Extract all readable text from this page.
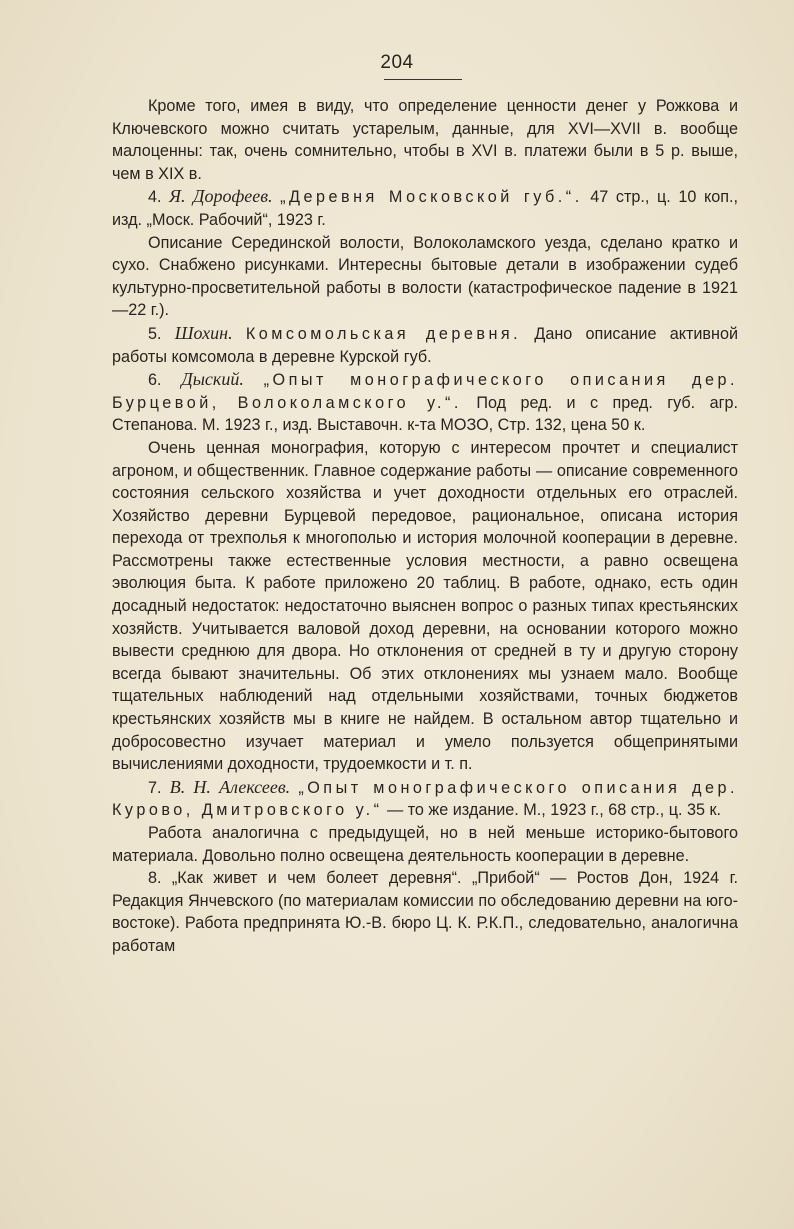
204

Кроме того, имея в виду, что определение ценности денег у Рожкова и Ключевского можно считать устарелым, данные, для XVI—XVII в. вообще малоценны: так, очень сомнительно, чтобы в XVI в. платежи были в 5 р. выше, чем в XIX в.

4. Я. Дорофеев. „Деревня Московской губ.“. 47 стр., ц. 10 коп., изд. „Моск. Рабочий“, 1923 г.

Описание Серединской волости, Волоколамского уезда, сделано кратко и сухо. Снабжено рисунками. Интересны бытовые детали в изображении судеб культурно-просветительной работы в волости (катастрофическое падение в 1921—22 г.).

5. Шохин. Комсомольская деревня. Дано описание активной работы комсомола в деревне Курской губ.

6. Дыский. „Опыт монографического описания дер. Бурцевой, Волоколамского у.“. Под ред. и с пред. губ. агр. Степанова. М. 1923 г., изд. Выставочн. к-та МОЗО, Стр. 132, цена 50 к.

Очень ценная монография, которую с интересом прочтет и специалист агроном, и общественник. Главное содержание работы — описание современного состояния сельского хозяйства и учет доходности отдельных его отраслей. Хозяйство деревни Бурцевой передовое, рациональное, описана история перехода от трехполья к многополью и история молочной кооперации в деревне. Рассмотрены также естественные условия местности, а равно освещена эволюция быта. К работе приложено 20 таблиц. В работе, однако, есть один досадный недостаток: недостаточно выяснен вопрос о разных типах крестьянских хозяйств. Учитывается валовой доход деревни, на основании которого можно вывести среднюю для двора. Но отклонения от средней в ту и другую сторону всегда бывают значительны. Об этих отклонениях мы узнаем мало. Вообще тщательных наблюдений над отдельными хозяйствами, точных бюджетов крестьянских хозяйств мы в книге не найдем. В остальном автор тщательно и добросовестно изучает материал и умело пользуется общепринятыми вычислениями доходности, трудоемкости и т. п.

7. В. Н. Алексеев. „Опыт монографического описания дер. Курово, Дмитровского у.“ — то же издание. М., 1923 г., 68 стр., ц. 35 к.

Работа аналогична с предыдущей, но в ней меньше историко-бытового материала. Довольно полно освещена деятельность кооперации в деревне.

8. „Как живет и чем болеет деревня“. „Прибой“ — Ростов Дон, 1924 г. Редакция Янчевского (по материалам комиссии по обследованию деревни на юго-востоке). Работа предпринята Ю.-В. бюро Ц. К. Р.К.П., следовательно, аналогична работам
